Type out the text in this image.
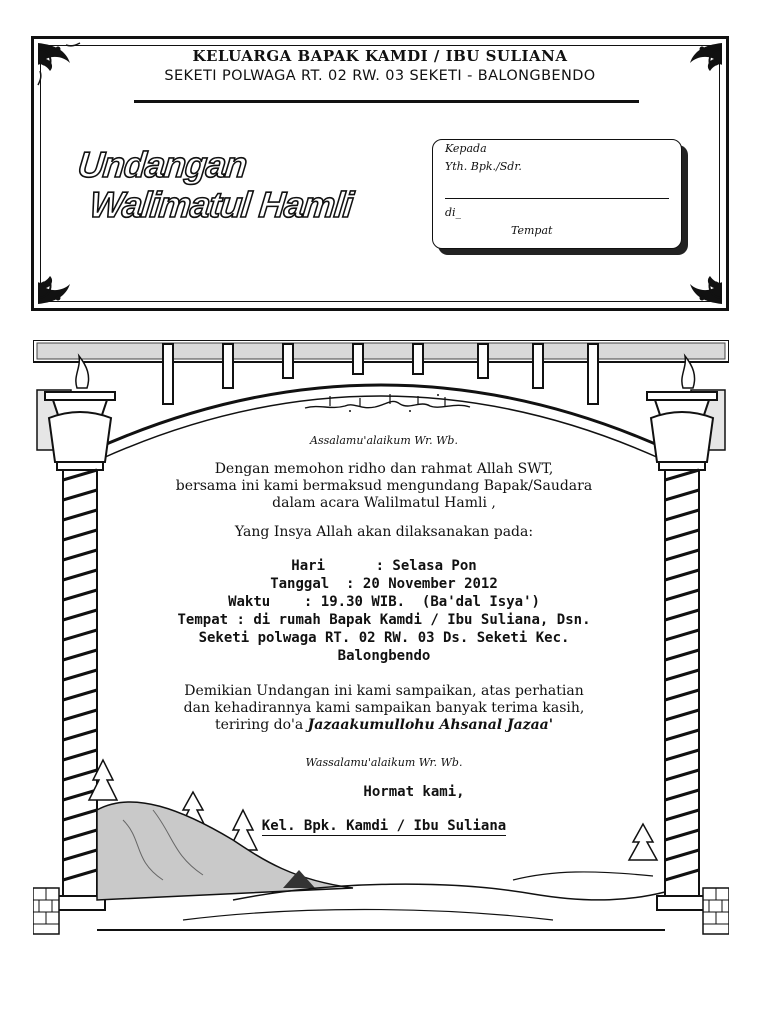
KELUARGA BAPAK KAMDI / IBU SULIANA
SEKETI POLWAGA RT. 02 RW. 03 SEKETI - BALONGBENDO
Undangan
Walimatul Hamli
Kepada
Yth. Bpk./Sdr.
di_
Tempat
Assalamu'alaikum Wr. Wb.
Dengan memohon ridho dan rahmat Allah SWT,
bersama ini kami bermaksud mengundang Bapak/Saudara
dalam acara Walilmatul Hamli ,
Yang Insya Allah akan dilaksanakan pada:
Hari      : Selasa Pon
Tanggal  : 20 November 2012
Waktu    : 19.30 WIB.  (Ba'dal Isya')
Tempat : di rumah Bapak Kamdi / Ibu Suliana, Dsn.
Seketi polwaga RT. 02 RW. 03 Ds. Seketi Kec.
Balongbendo
Demikian Undangan ini kami sampaikan, atas perhatian
dan kehadirannya kami sampaikan banyak terima kasih,
teriring do'a Jazaakumullohu Ahsanal Jazaa'
Wassalamu'alaikum Wr. Wb.
Hormat kami,
Kel. Bpk. Kamdi / Ibu Suliana
